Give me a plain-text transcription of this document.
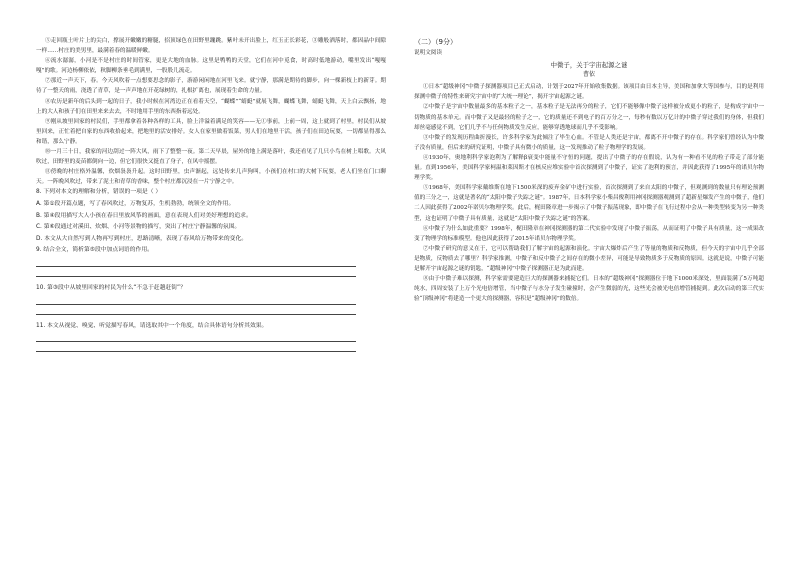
⑤走回瓶土叶片上的尖白，撑展开嫩嫩的糖腿，招顶绿色在田野里蹦跳。紫叶未开出脸上，红玉正长彩花，③雕般洒落时，都因晶中间隙一样……村庄的美男里，最满着春的温暖鲜嫩。

⑥流水潺潺，小河是不是村庄的时间管家，更是大地的血脉。这里是鸭鸭的天堂，它们在河中觅食，时高时低地游动，嘴里发出“嘎嘎嘎”的歌。河边杨柳依依，秋脚柳条垂毛到满里，一股股儿流走。

⑦那近一声天下，春。今天风吹着一点想要思念的影子，游游闲闲地在河里飞来。就宁静，那满是期待的脚步，向一棵新枝上的新芽。期待了一整天的雨，浇透了青草，是一声声地在开花绿树的，扎根扩离也，展现着生命的力量。

⑧农历是新年的后头到一起的日子，我小时候在河湾边正在看着天空，“蝴蝶”“蜻蜓”就展飞舞，蝴蝶飞舞，蜻蜓飞舞，天上白云飘扬，地上的大人和孩子们在田里来来去去，不时地用手里的东西指着远处。

⑨刚从坡里回家的村民们，手里都拿着各种各样的工具，脸上洋溢着满足的笑容——无①事前，上前一周，这上就到了村里，村民们从坡里回来，正忙着把自家的东西收拾起来，把地里的活安排好。女人在家里做着饭菜，男人们在地里干活，孩子们在田边玩耍，一切都显得那么和谐，那么宁静。

⑩一月三十日，我家的河边刮过一阵大风，雨下了整整一夜。第二天早晨，屋外的地上满是落叶，我还看见了几只小鸟在树上唱歌。大风吹过，田野里的麦苗都倒向一边，但它们很快又挺直了身子，在风中摇摆。

⑪傍晚的村庄格外温馨，炊烟袅袅升起。这时田野里，虫声渐起，远处传来几声狗叫，小孩们在村口的大树下玩耍，老人们坐在门口聊天。一阵晚风吹过，带来了泥土和青草的香味，整个村庄都沉浸在一片宁静之中。

8. 下列对本文的理解和分析，错误的一项是（ ）

A. 第①段开篇点题，写了春风吹过，万物复苏，生机勃勃，统领全文的作用。

B. 第④段用描写大人小孩在春日里放风筝的画面，意在表现人们对美好理想的追求。

C. 第⑥段通过对溪田、炊烟、小河等景物的描写，突出了村庄宁静温馨的氛围。

D. 本文从大自然写到人物再写到村庄，思路清晰，表现了春风给万物带来的变化。

9. 结合全文，简析第⑤段中加点词语的作用。

10. 第③段中从坡里回家的村民为什么“不急于赶趟赶街”？

11. 本文从视觉、嗅觉、听觉描写春风，请选取其中一个角度，结合具体语句分析其效果。

（二）（9分）

说明文阅读

中微子，关于宇宙起源之谜

曹依

①日本“超级神冈”中微子探测器项目已正式启动，计划于2027年开始收集数据。该项目由日本主导，美国和加拿大等国参与，目的是利用探测中微子的特性来研究宇宙中的“大统一理论”，揭开宇宙起源之谜。

②中微子是宇宙中数量最多的基本粒子之一，基本粒子是无法再分的粒子，它们不能够像中微子这样被分成更小的粒子，是构成宇宙中一切物质的基本单元。而中微子又是最轻的粒子之一，它的质量还不到电子的百万分之一，每秒有数以万亿计的中微子穿过我们的身体，但我们却丝毫感觉不到，它们几乎不与任何物质发生反应，能够穿透地球而几乎不受影响。

③中微子的发现历程曲折漫长，许多科学家为此倾注了毕生心血。不管是人类还是宇宙，都离不开中微子的存在。科学家们曾经认为中微子没有质量，但后来的研究证明，中微子具有微小的质量，这一发现推动了粒子物理学的发展。

④1930年，奥地利科学家泡利为了解释β衰变中能量不守恒的问题，提出了中微子的存在假说，认为有一种看不见的粒子带走了部分能量。直到1956年，美国科学家柯温和莱因斯才在核反应堆实验中首次探测到了中微子，证实了泡利的预言，并因此获得了1995年的诺贝尔物理学奖。

⑤1968年，美国科学家戴维斯在地下1500米深的废弃金矿中进行实验，首次探测到了来自太阳的中微子，但观测到的数量只有理论预测值的三分之一，这就是著名的“太阳中微子失踪之谜”。1987年，日本科学家小柴昌俊利用神冈探测器观测到了超新星爆发产生的中微子，他们二人因此获得了2002年诺贝尔物理学奖。此后，梶田隆章进一步揭示了中微子振荡现象，即中微子在飞行过程中会从一种类型转变为另一种类型，这也证明了中微子具有质量，这就是“太阳中微子失踪之谜”的答案。

⑥中微子为什么如此重要？1998年，梶田隆章在神冈探测器的第二代实验中发现了中微子振荡，从而证明了中微子具有质量，这一成果改变了物理学的标准模型。他也因此获得了2015年诺贝尔物理学奖。

⑦中微子研究的意义在于，它可以帮助我们了解宇宙的起源和演化。宇宙大爆炸后产生了等量的物质和反物质，但今天的宇宙中几乎全部是物质，反物质去了哪里？科学家推测，中微子和反中微子之间存在的微小差异，可能是导致物质多于反物质的原因。这就是说，中微子可能是解开宇宙起源之谜的钥匙，“超级神冈”中微子探测器正是为此而建。

⑧由于中微子难以探测，科学家需要建造巨大的探测器来捕捉它们。日本的“超级神冈”探测器位于地下1000米深处，里面装满了5万吨超纯水，四周安装了上万个光电倍增管，当中微子与水分子发生碰撞时，会产生微弱的光，这些光会被光电倍增管捕捉到。此次启动的第三代实验“顶级神冈”将建造一个更大的探测器，容积是“超级神冈”的数倍。
